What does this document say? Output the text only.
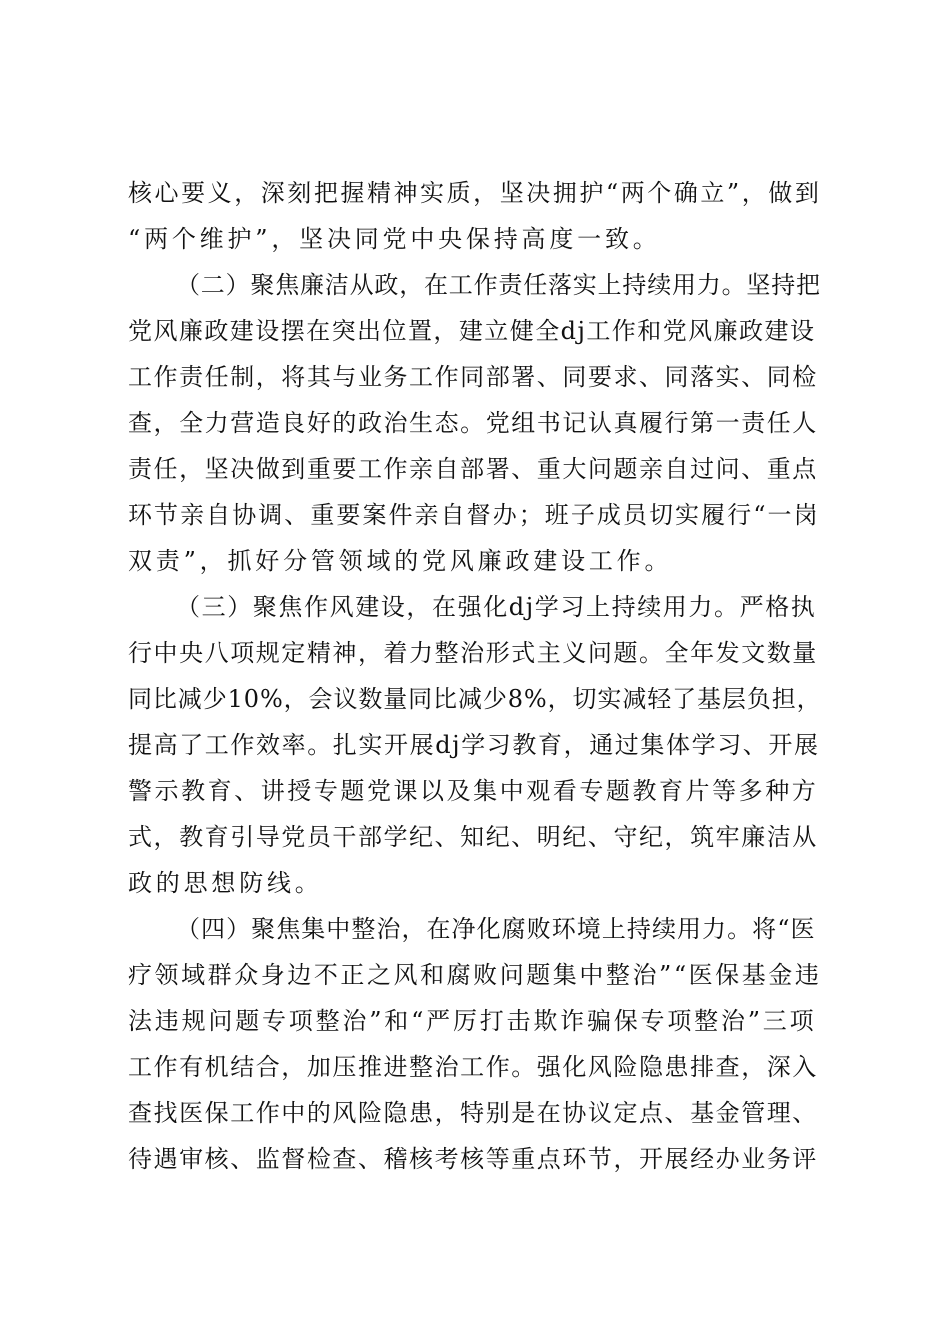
核心要义，深刻把握精神实质，坚决拥护“两个确立”，做到

“两个维护”，坚决同党中央保持高度一致。

（二）聚焦廉洁从政，在工作责任落实上持续用力。坚持把

党风廉政建设摆在突出位置，建立健全dj工作和党风廉政建设

工作责任制，将其与业务工作同部署、同要求、同落实、同检

查，全力营造良好的政治生态。党组书记认真履行第一责任人

责任，坚决做到重要工作亲自部署、重大问题亲自过问、重点

环节亲自协调、重要案件亲自督办；班子成员切实履行“一岗

双责”，抓好分管领域的党风廉政建设工作。

（三）聚焦作风建设，在强化dj学习上持续用力。严格执

行中央八项规定精神，着力整治形式主义问题。全年发文数量

同比减少10%，会议数量同比减少8%，切实减轻了基层负担，

提高了工作效率。扎实开展dj学习教育，通过集体学习、开展

警示教育、讲授专题党课以及集中观看专题教育片等多种方

式，教育引导党员干部学纪、知纪、明纪、守纪，筑牢廉洁从

政的思想防线。

（四）聚焦集中整治，在净化腐败环境上持续用力。将“医

疗领域群众身边不正之风和腐败问题集中整治”“医保基金违

法违规问题专项整治”和“严厉打击欺诈骗保专项整治”三项

工作有机结合，加压推进整治工作。强化风险隐患排查，深入

查找医保工作中的风险隐患，特别是在协议定点、基金管理、

待遇审核、监督检查、稽核考核等重点环节，开展经办业务评
